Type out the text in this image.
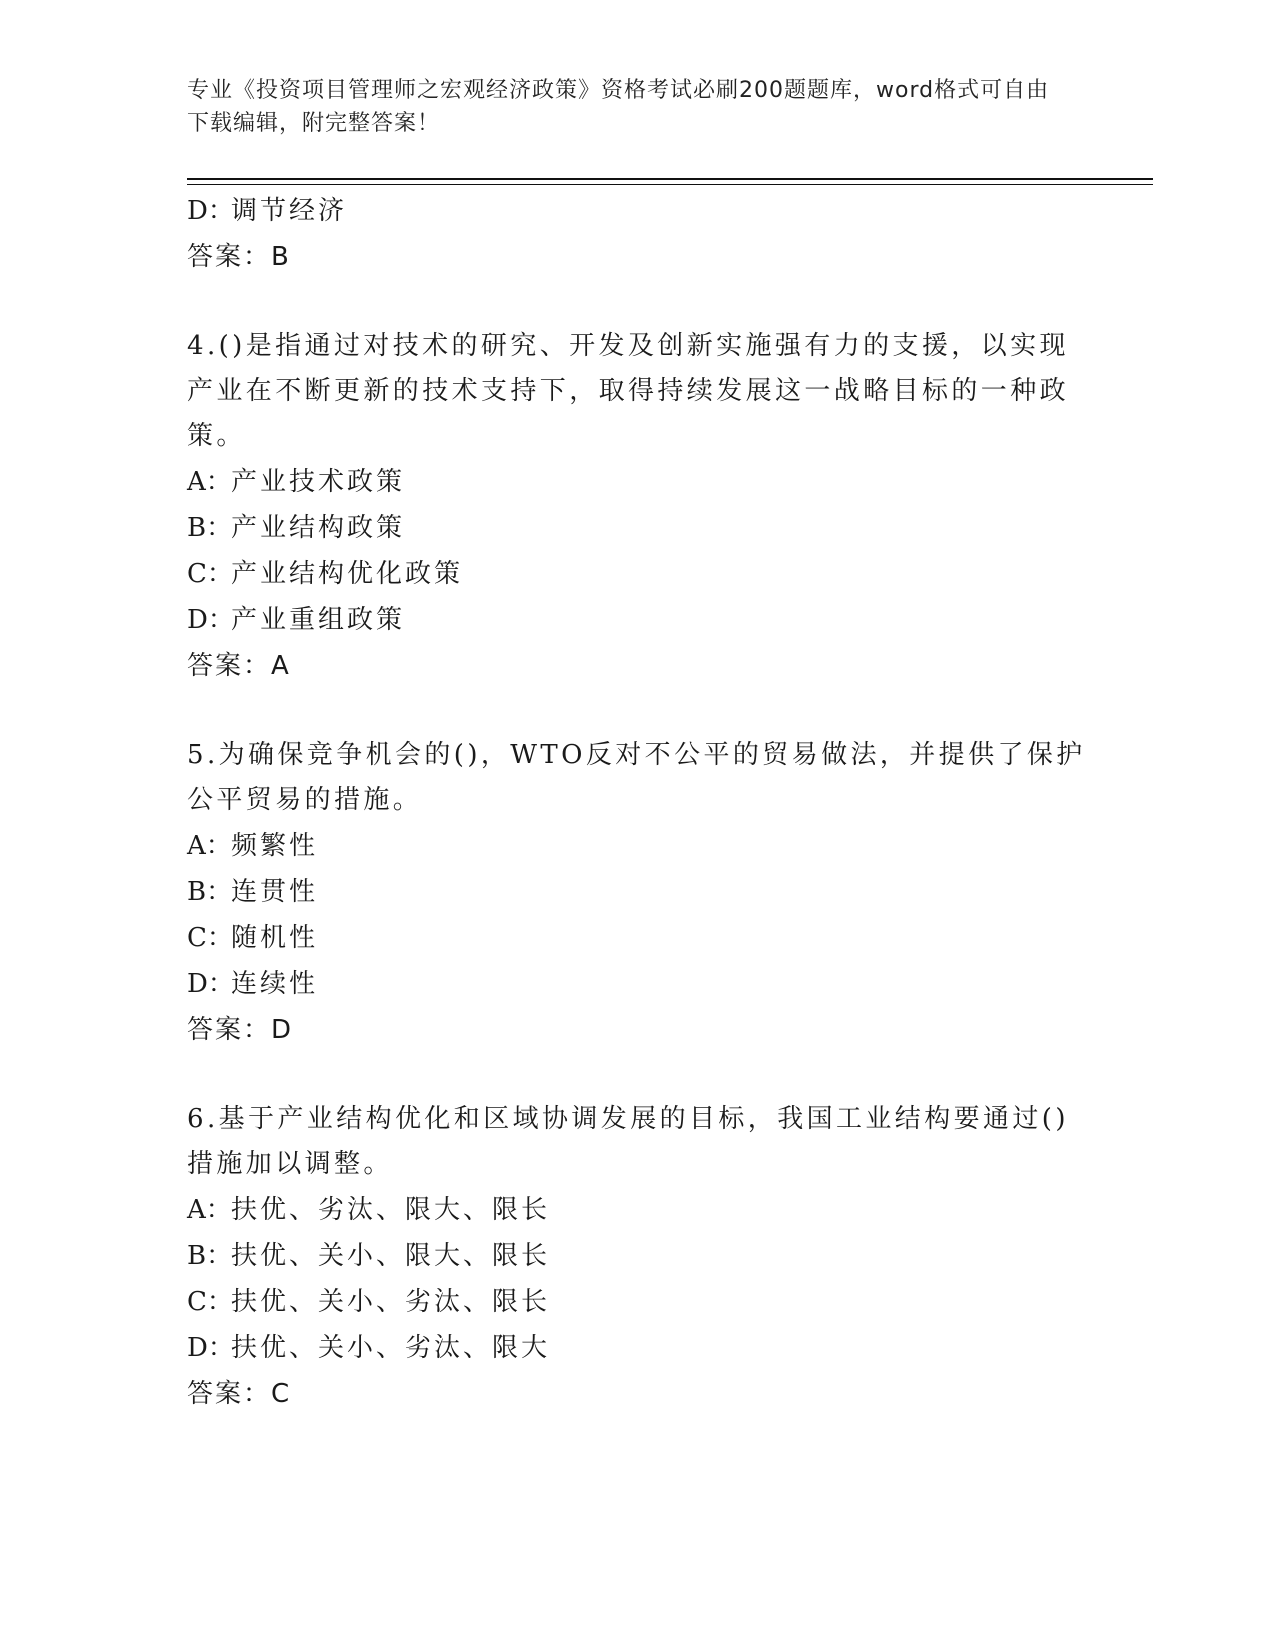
专业《投资项目管理师之宏观经济政策》资格考试必刷200题题库，word格式可自由下载编辑，附完整答案！
D：调节经济
答案：B
4.()是指通过对技术的研究、开发及创新实施强有力的支援，以实现产业在不断更新的技术支持下，取得持续发展这一战略目标的一种政策。
A：产业技术政策
B：产业结构政策
C：产业结构优化政策
D：产业重组政策
答案：A
5.为确保竞争机会的()，WTO反对不公平的贸易做法，并提供了保护公平贸易的措施。
A：频繁性
B：连贯性
C：随机性
D：连续性
答案：D
6.基于产业结构优化和区域协调发展的目标，我国工业结构要通过()措施加以调整。
A：扶优、劣汰、限大、限长
B：扶优、关小、限大、限长
C：扶优、关小、劣汰、限长
D：扶优、关小、劣汰、限大
答案：C
